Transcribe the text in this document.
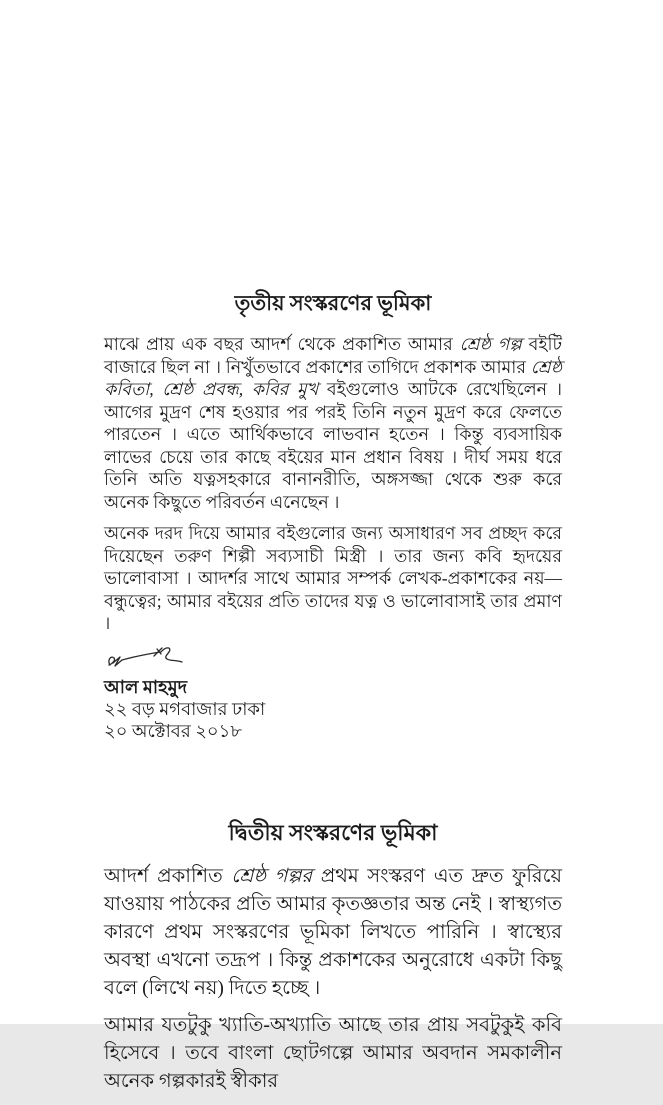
তৃতীয় সংস্করণের ভূমিকা

মাঝে প্রায় এক বছর আদর্শ থেকে প্রকাশিত আমার শ্রেষ্ঠ গল্প বইটি বাজারে ছিল না । নিখুঁতভাবে প্রকাশের তাগিদে প্রকাশক আমার শ্রেষ্ঠ কবিতা, শ্রেষ্ঠ প্রবন্ধ, কবির মুখ বইগুলোও আটকে রেখেছিলেন । আগের মুদ্রণ শেষ হওয়ার পর পরই তিনি নতুন মুদ্রণ করে ফেলতে পারতেন । এতে আর্থিকভাবে লাভবান হতেন । কিন্তু ব্যবসায়িক লাভের চেয়ে তার কাছে বইয়ের মান প্রধান বিষয় । দীর্ঘ সময় ধরে তিনি অতি যত্নসহকারে বানানরীতি, অঙ্গসজ্জা থেকে শুরু করে অনেক কিছুতে পরিবর্তন এনেছেন ।

অনেক দরদ দিয়ে আমার বইগুলোর জন্য অসাধারণ সব প্রচ্ছদ করে দিয়েছেন তরুণ শিল্পী সব্যসাচী মিস্ত্রী । তার জন্য কবি হৃদয়ের ভালোবাসা । আদর্শর সাথে আমার সম্পর্ক লেখক-প্রকাশকের নয়— বন্ধুত্বের; আমার বইয়ের প্রতি তাদের যত্ন ও ভালোবাসাই তার প্রমাণ ।

আল মাহমুদ
২২ বড় মগবাজার ঢাকা
২০ অক্টোবর ২০১৮
দ্বিতীয় সংস্করণের ভূমিকা

আদর্শ প্রকাশিত শ্রেষ্ঠ গল্পর প্রথম সংস্করণ এত দ্রুত ফুরিয়ে যাওয়ায় পাঠকের প্রতি আমার কৃতজ্ঞতার অন্ত নেই । স্বাস্থ্যগত কারণে প্রথম সংস্করণের ভূমিকা লিখতে পারিনি । স্বাস্থ্যের অবস্থা এখনো তদ্রূপ । কিন্তু প্রকাশকের অনুরোধে একটা কিছু বলে (লিখে নয়) দিতে হচ্ছে ।

আমার যতটুকু খ্যাতি-অখ্যাতি আছে তার প্রায় সবটুকুই কবি হিসেবে । তবে বাংলা ছোটগল্পে আমার অবদান সমকালীন অনেক গল্পকারই স্বীকার
